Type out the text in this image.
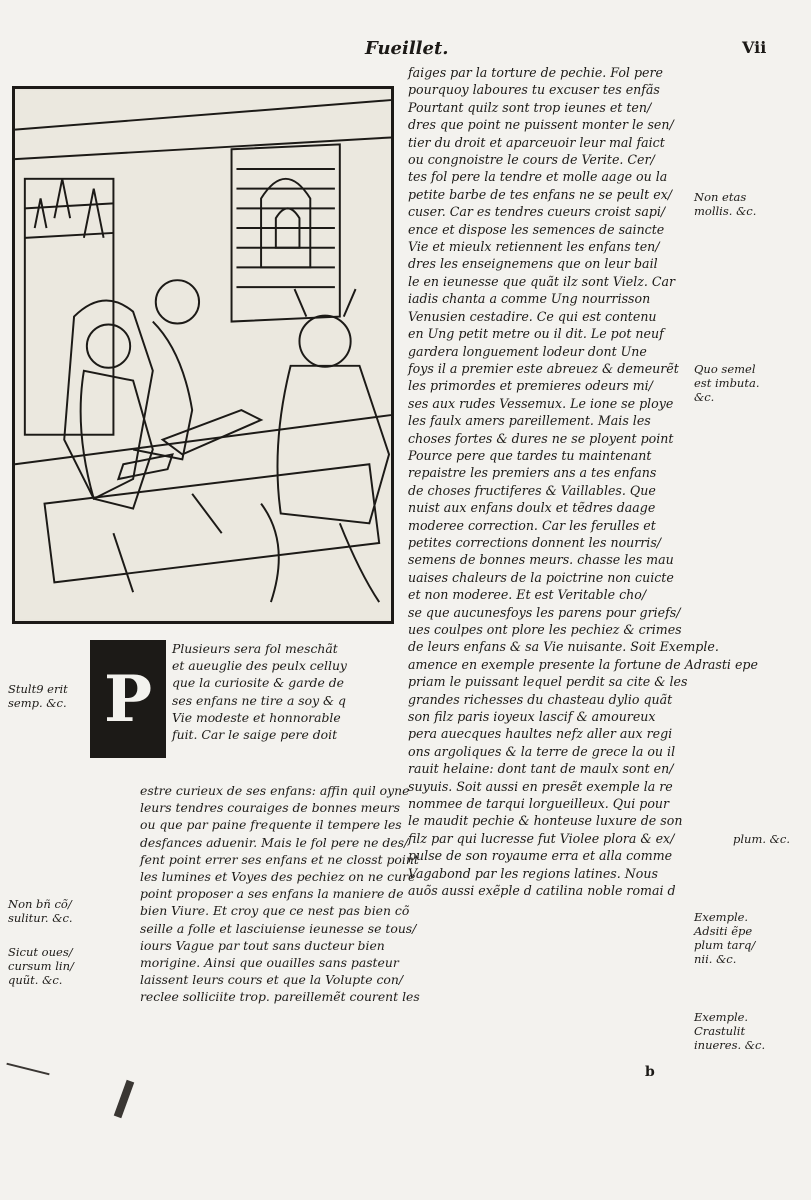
Fueillet.	Vii
faiges par la torture de pechie. Fol pere
pourquoy laboures tu excuser tes enfãs
Pourtant quilz sont trop ieunes et ten/
dres que point ne puissent monter le sen/
tier du droit et aparceuoir leur mal faict
ou congnoistre le cours de Verite. Cer/
tes fol pere la tendre et molle aage ou la
petite barbe de tes enfans ne se peult ex/
cuser. Car es tendres cueurs croist sapi/
ence et dispose les semences de saincte
Vie et mieulx retiennent les enfans ten/
dres les enseignemens que on leur bail
le en ieunesse que quãt ilz sont Vielz. Car
iadis chanta a comme Ung nourrisson
Venusien cestadire. Ce qui est contenu
en Ung petit metre ou il dit. Le pot neuf
gardera longuement lodeur dont Une
foys il a premier este abreuez & demeurẽt
les primordes et premieres odeurs mi/
ses aux rudes Vessemux. Le ione se ploye
les faulx amers pareillement. Mais les
choses fortes & dures ne se ployent point
Pource pere que tardes tu maintenant
repaistre les premiers ans a tes enfans
de choses fructiferes & Vaillables. Que
nuist aux enfans doulx et tẽdres daage
moderee correction. Car les ferulles et
petites corrections donnent les nourris/
semens de bonnes meurs. chasse les mau
uaises chaleurs de la poictrine non cuicte
et non moderee. Et est Veritable cho/
se que aucunesfoys les parens pour griefs/
ues coulpes ont plore les pechiez & crimes
de leurs enfans & sa Vie nuisante. Soit Exemple.
amence en exemple presente la fortune de Adrasti epe
priam le puissant lequel perdit sa cite & les
grandes richesses du chasteau dylio quãt
son filz paris ioyeux lascif & amoureux
pera auecques haultes nefz aller aux regi
ons argoliques & la terre de grece la ou il
rauit helaine: dont tant de maulx sont en/
suyuis. Soit aussi en presẽt exemple la re
nommee de tarqui lorgueilleux. Qui pour
le maudit pechie & honteuse luxure de son
filz par qui lucresse fut Violee plora & ex/
pulse de son royaume erra et alla comme
Vagabond par les regions latines. Nous
auõs aussi exẽple d catilina noble romai d
P
Plusieurs sera fol meschãt
et aueuglie des peulx celluy
que la curiosite & garde de
ses enfans ne tire a soy & q
Vie modeste et honnorable
fuit. Car le saige pere doit
estre curieux de ses enfans: affin quil oyne
leurs tendres couraiges de bonnes meurs
ou que par paine frequente il tempere les
desfances aduenir. Mais le fol pere ne des/
fent point errer ses enfans et ne closst point
les lumines et Voyes des pechiez on ne cure
point proposer a ses enfans la maniere de
bien Viure. Et croy que ce nest pas bien cõ
seille a folle et lasciuiense ieunesse se tous/
iours Vague par tout sans ducteur bien
morigine. Ainsi que ouailles sans pasteur
laissent leurs cours et que la Volupte con/
reclee solliciite trop. pareillemẽt courent les
Non etas
mollis. &c.
Quo semel
est imbuta.
&c.
Stult9 erit
semp. &c.
Non bñ cõ/
sulitur. &c.
Sicut oues/
cursum lin/
quũt. &c.
plum. &c.
Exemple.
Adsiti ẽpe
plum tarq/
nii. &c.
Exemple.
Crastulit
inueres. &c.
b
